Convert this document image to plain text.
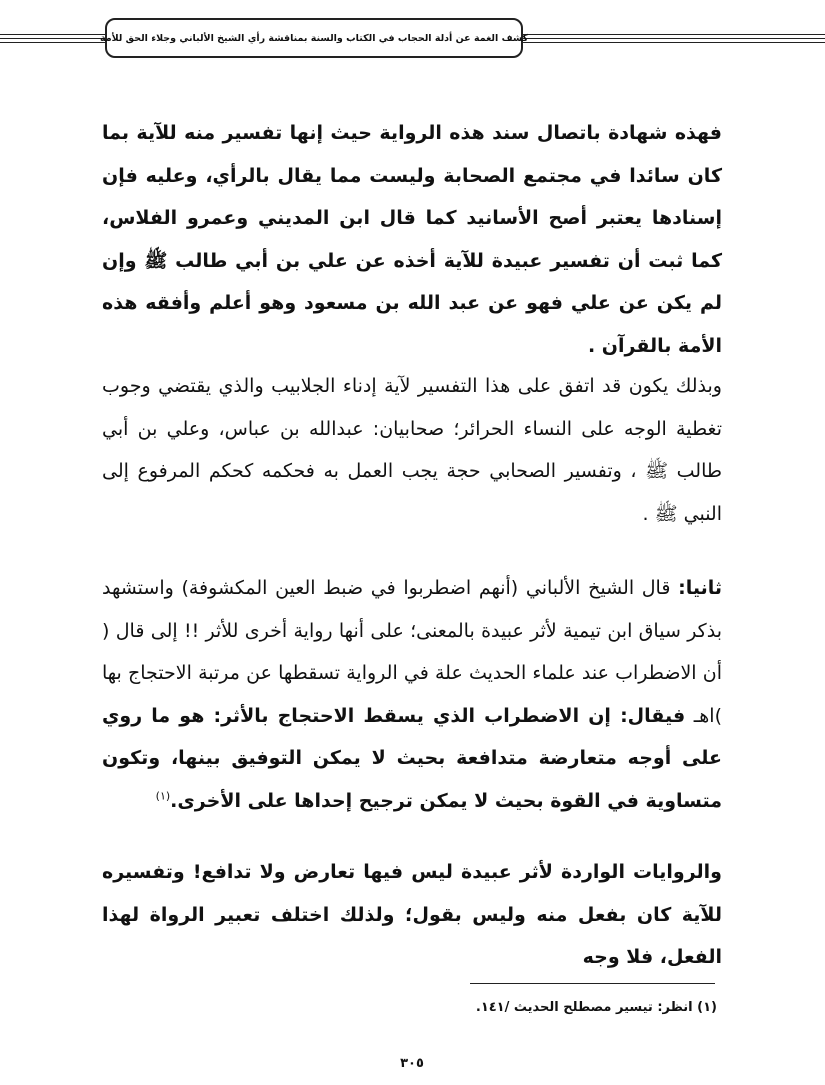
كشف الغمة عن أدلة الحجاب في الكتاب والسنة بمناقشة رأي الشيخ الألباني وجلاء الحق للأمة

فهذه شهادة باتصال سند هذه الرواية حيث إنها تفسير منه للآية بما كان سائدا في مجتمع الصحابة وليست مما يقال بالرأي، وعليه فإن إسنادها يعتبر أصح الأسانيد كما قال ابن المديني وعمرو الفلاس، كما ثبت أن تفسير عبيدة للآية أخذه عن علي بن أبي طالب ﷺ وإن لم يكن عن علي فهو عن عبد الله بن مسعود وهو أعلم وأفقه هذه الأمة بالقرآن .

وبذلك يكون قد اتفق على هذا التفسير لآية إدناء الجلابيب والذي يقتضي وجوب تغطية الوجه على النساء الحرائر؛ صحابيان: عبدالله بن عباس، وعلي بن أبي طالب ﷺ ، وتفسير الصحابي حجة يجب العمل به فحكمه كحكم المرفوع إلى النبي ﷺ .

ثانيا: قال الشيخ الألباني (أنهم اضطربوا في ضبط العين المكشوفة) واستشهد بذكر سياق ابن تيمية لأثر عبيدة بالمعنى؛ على أنها رواية أخرى للأثر !! إلى قال ( أن الاضطراب عند علماء الحديث علة في الرواية تسقطها عن مرتبة الاحتجاج بها )اهـ فيقال: إن الاضطراب الذي يسقط الاحتجاج بالأثر: هو ما روي على أوجه متعارضة متدافعة بحيث لا يمكن التوفيق بينها، وتكون متساوية في القوة بحيث لا يمكن ترجيح إحداها على الأخرى.$^{(١)}$

والروايات الواردة لأثر عبيدة ليس فيها تعارض ولا تدافع! وتفسيره للآية كان بفعل منه وليس بقول؛ ولذلك اختلف تعبير الرواة لهذا الفعل، فلا وجه

(١) انظر: تيسير مصطلح الحديث /١٤١.
٣٠٥
